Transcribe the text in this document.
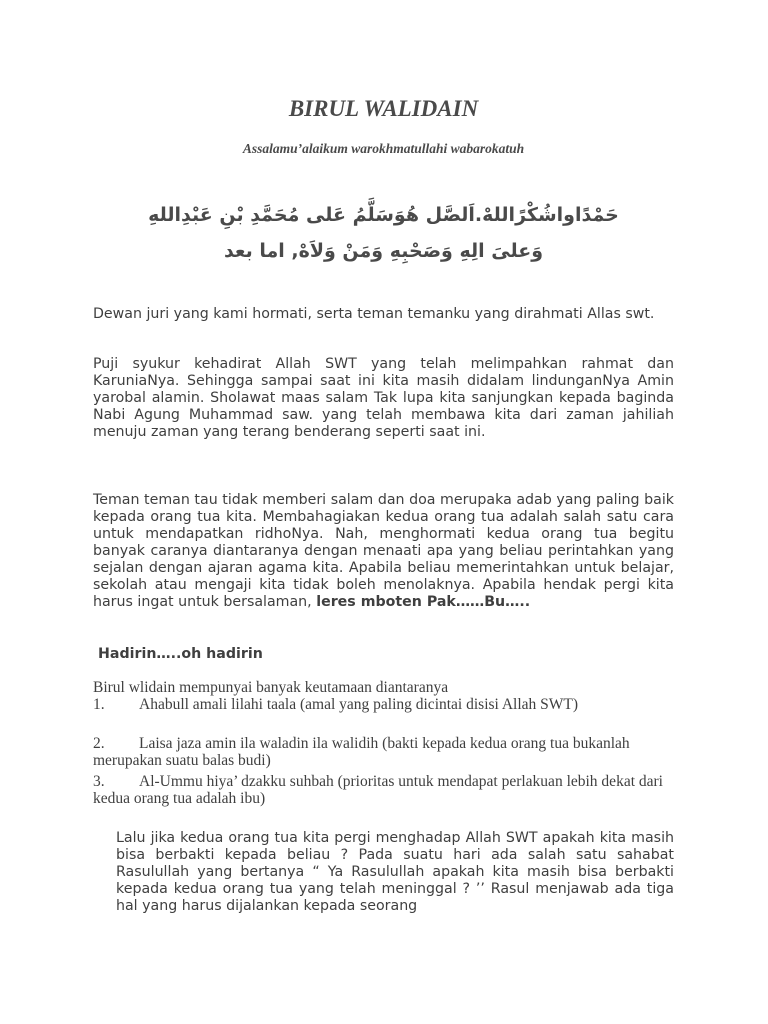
BIRUL WALIDAIN
Assalamu’alaikum warokhmatullahi wabarokatuh
حَمْدًاواشُكْرًاللهْ.اَلصَّل هُوَسَلَّمُ عَلى مُحَمَّدِ بْنِ عَبْدِاللهِ
وَعلىَ الِهِ وَصَحْبِهِ وَمَنْ وَلاَهْ, اما بعد

Dewan juri yang kami hormati, serta teman temanku yang dirahmati Allas swt.

Puji syukur kehadirat Allah SWT yang telah melimpahkan rahmat dan KaruniaNya. Sehingga sampai saat ini kita masih didalam lindunganNya Amin yarobal alamin. Sholawat maas salam Tak lupa kita sanjungkan kepada baginda Nabi Agung Muhammad saw. yang telah membawa kita dari zaman jahiliah menuju zaman yang terang benderang seperti saat ini.

Teman teman tau tidak memberi salam dan doa merupaka adab yang paling baik kepada orang tua kita. Membahagiakan kedua orang tua adalah salah satu cara untuk mendapatkan ridhoNya. Nah, menghormati kedua orang tua begitu banyak caranya diantaranya dengan menaati apa yang beliau perintahkan yang sejalan dengan ajaran agama kita. Apabila beliau memerintahkan untuk belajar, sekolah atau mengaji kita tidak boleh menolaknya. Apabila hendak pergi kita harus ingat untuk bersalaman, leres mboten Pak……Bu…..

Hadirin…..oh hadirin
Birul wlidain mempunyai banyak keutamaan diantaranya
1. Ahabull amali lilahi taala (amal yang paling dicintai disisi Allah SWT)
2. Laisa jaza amin ila waladin ila walidih (bakti kepada kedua orang tua bukanlah merupakan suatu balas budi)
3. Al-Ummu hiya’ dzakku suhbah (prioritas untuk mendapat perlakuan lebih dekat dari kedua orang tua adalah ibu)

Lalu jika kedua orang tua kita pergi menghadap Allah SWT apakah kita masih bisa berbakti kepada beliau ? Pada suatu hari ada salah satu sahabat Rasulullah yang bertanya “ Ya Rasulullah apakah kita masih bisa berbakti kepada kedua orang tua yang telah meninggal ? ’’ Rasul menjawab ada tiga hal yang harus dijalankan kepada seorang
